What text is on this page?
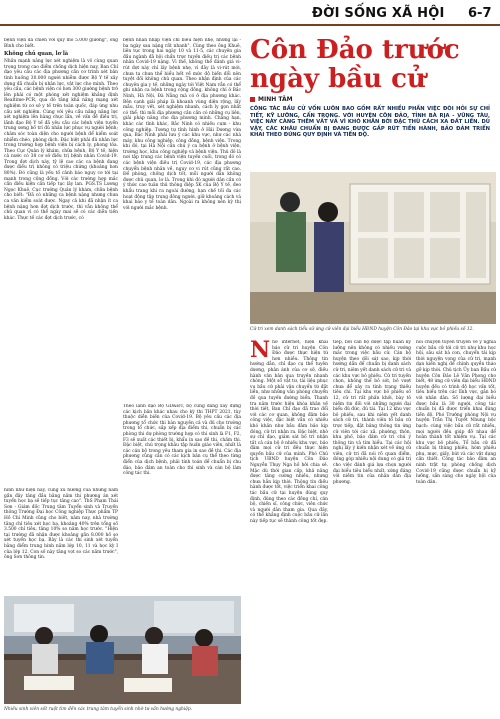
ĐỜI SỐNG XÃ HỘI 6-7
bệnh viện đã chiến với quy mô 5.000 giường", ông Bình cho biết.
Không chủ quan, lơ là
Nhấn mạnh nâng lực xét nghiệm là vô cùng quan trọng trong cao điểm chống dịch hiện nay, Ban Chỉ đạo yêu cầu các địa phương cần cơ trình xét bản tình huống 30.000 người nhiễm được Bộ Y tế xây dựng đã chuẩn bị nhân lực, vật lực cho mình. Theo yêu cầu, các bệnh viện có hơn 300 giường bệnh trở lên phải có một phòng xét nghiệm khẳng định Realtime-PCR, qua đó tăng khả năng mạng xét nghiệm từ cơ sở y tế trên toàn quốc, đáp ứng nhu cầu xét nghiệm. Cùng với yêu cầu nâng năng lực xét nghiệm lên hàng chục lần, về vấn đề điều trị, lãnh đạo Bộ Y tế đã yêu cầu các bệnh viện tuyến trung ương bố trí đủ nhân lực phục vụ người bệnh; chăm sóc toàn diện cho người bệnh để kiểm soát nhiễm chéo, phòng dịch. Đặc biệt phải đủ nhân lực trong trường hợp bệnh viện bị cách ly, phong tỏa. Theo Cục Quản lý khám, chữa bệnh, Bộ Y tế, hiện cả nước có 38 cơ sở điều trị bệnh nhân Covid-19. Trong đợt dịch này, tỷ lệ cao các ca bệnh đang được điều trị không có triệu chứng (khoảng hơn 80%). Đó cũng là yếu tố cảnh báo nguy cơ tới tại mạnh trong cộng đồng. Với các trường hợp mắc cần điều kiện cần tiếp tục lây lan. PGS.TS Lương Ngọc Khuê, Cục trưởng Quản lý khám, chữa bệnh cho biết: "Đã có những ca bệnh nặng nhưng chưa ca văn kiểm soát được. Ngay cả khi đã nhận ít ca bệnh nặng hơn đợt dịch trước, thì vẫn không thể chủ quan vì có thể ngày mai sẽ có các diễn tiến khác. Thực tế các đợt dịch trước, có
bệnh nhân nhập viện chỉ biểu hiện nhẹ, nhưng lại - ba ngày sau nặng rất nhanh". Cùng theo ông Khuê, liên tục trong hai ngày 10 và 11-5, các chuyên gia đầu ngành đã hội chẩn trực tuyến điều trị các bệnh nhân Covid-19 nặng. Vì thế, không thể đánh giá vi-rút đợt này chỉ lây bệnh nhẹ, vì đây là vi-rút mới, chưa ta chưa thể hiểu hết về mức độ biến đổi nên tuyệt đối không chủ quan. Theo nhận định của các chuyên gia y tế, những ngày tới Việt Nam vẫn có thể ghi nhận ca bệnh trong cộng đồng, không chỉ ở Bắc Ninh, Hà Nội, Đà Nẵng mà có ở địa phương khác. Bên cạnh giải pháp là khoanh vùng diện rộng, lấy mẫu, truy vết, xét nghiệm nhanh, cách ly gọn nhất có thể; thì mỗi địa phương cần cần có những cụ liên, giải pháp nâng cho địa phương mình. Chẳng hạn, khác các tỉnh khác, Bắc Ninh có nhiều cụm - khu công nghiệp. Tương tự tỉnh hình ở Hải Dương vừa qua, Bắc Ninh phải lưu ý các khu vực, như các nhà máy, khu công nghiệp, công đồng, bệnh viện. Trong khi đó, tại Hà Nội cần chú ý ca bệnh ở bệnh viện, trường học, khu công nghiệp và bệnh viện. Thủ đô là nơi tập trung các bệnh viện tuyến cuối, trong đó có các bệnh viện điều trị Covid-19, các địa phương chuyển bệnh nhân về, nguy cơ vi rút cũng rất cao. Để phòng, chống dịch tốt, mỗi người dân không được chủ quan, lơ là. Trong khi đó người dân cần có ý thức cao tuân thủ thông điệp 5K của Bộ Y tế, đeo khẩu trang khi ra ngoài đường, hạn chế tối đa các hoạt động tập trung đông người, giữ khoảng cách và khai báo y tế toàn dân. Ngoài ra không nên kỳ thị với người mắc bệnh.
hình như hiện nay, cũng xu hướng của những năm gần đây tăng đầu bằng năm thi phương án xét tuyển học bạ sẽ tiếp tục tăng cao". ThS Phạm Thái Sơn - Giám đốc Trung tâm Tuyển sinh và Truyền thông Trường Đại học Công nghiệp Thực phẩm TP Hồ Chí Minh cũng cho biết, năm nay, nhà trường tăng chỉ tiêu xét học bạ, khoảng 40% trên tổng số 3.500 chỉ tiêu, tăng 10% so năm học trước. "Hiện tại trường đã nhận được khoảng gần 8.000 hồ sơ xét tuyển học bạ. Bày là các thí sinh xét tuyển bằng điểm trung bình năm lớp 10, 11 và học kỳ I của lớp 12. Con số này tăng vọt so các năm trước", ông Sơn thông tin.
Theo lãnh đạo Bộ GD&ĐT, bộ cũng đang xây dựng các kịch bản khác nhau cho kỳ thi THPT 2021, tùy thuộc diễn biến của Covid-19. Bộ yêu cầu các địa phương tổ chức thi bàn nguyên cả và đủ cho trường trong tổ chức, sắp xếp địa điểm thi, chuẩn bị các phòng thi dự phòng trường hợp có thí sinh là F1, F2, F3 sẽ xuất các thiết bị, khẩu in sao đề thi, chấm thi. Đặc biệt, chú trọng khâu tập huấn giáo viên, nhất là các cán bộ trong yêu tham gia in sao đề thi. Các địa phương cũng cần có các kịch bản cụ thể theo từng điển của dịch bệnh, phải tính toán để chuẩn bị chu đáo, bảo đảm an toàn cho thí sinh và cán bộ làm công tác thi.
Nhiều sinh viên sốt ruột tìm đến các trung tâm tuyển sinh nhờ tư vấn hướng nghiệp.
Côn Đảo trước ngày bầu cử
MINH TÂM
CÔNG TÁC BẦU CỬ VỐN LUÔN BAO GỒM RẤT NHIỀU PHẦN VIỆC ĐÒI HỎI SỰ CHỈ TIẾT, KỸ LƯỠNG, CẨN TRỌNG. VỚI HUYỆN CÔN ĐẢO, TỈNH BÀ RỊA - VŨNG TÀU, VIỆC NÀY CÀNG THÊM VẤT VẢ VÌ KHÓ KHĂN BỞI ĐẶC THÙ CÁCH XA ĐẤT LIỀN. DÙ VẬY, CÁC KHÂU CHUẨN BỊ ĐANG ĐƯỢC GẤP RÚT TIẾN HÀNH, BẢO ĐẢM TRIỂN KHAI THEO ĐÚNG QUY ĐỊNH VÀ TIẾN ĐỘ.
Cử tri xem danh sách tiểu sử ứng cử viên đại biểu HĐND huyện Côn Đảo tại khu vực bỏ phiếu số 12.
Nhờ internet, hiện khai báo cử tri huyện Côn Đảo được thực hiện từ hơn nhiều. Thông tin hướng dẫn, chỉ đạo cụ thể tuyên dương, phản ánh của cơ sở, điều hành văn bản qua truyền nhanh chóng. Một số vật tư, tài liệu phục vụ bầu cử phải vận chuyển từ đất liền, như những văn phòng chuyển đồ qua tuyến đường biển. Thanh tra năm trước hiện khóa khăn về thời tiết, Ban Chỉ đạo đã trao đổi với các cơ quan, không đảm bảo công việc, đặc biệt vẫn có nhiều khó khăn như bầu đảm bảo kịp đóng, cử tri nhận ra. Đặc biệt, nhờ sự chỉ đạo, giám sát bố trí nhận tất cả cán bộ ở nhiều khu vực, bảo đảm mọi cử tri đều thực hiện quyền bầu cử của mình. Phó Chủ tịch UBND huyện Côn Đảo Nguyễn Thụy Nga hồ hởi chia sẻ. Mặc dù thời gian cấp, khả năng được tăng cường nhiều, nhưng chưa hẳn kịp thời. Thông tin điều hành được tốt, việc triển khai công tác bầu cử tại huyện đúng quy định, đúng theo các đồng chí, cán bộ, chiến sĩ, công chức, viên chức và người dân tham gia. Qua đây, có thể khẳng định cuộc bầu cử lần này tiếp tục sẽ thành công tốt đẹp.
tiếp, bởi cán bộ được tập huấn kỹ lưỡng nên không có nhiều vướng mắc trong việc bầu cử. Cán bộ huyện theo dõi sát sao, kịp thời hướng dẫn để chuẩn bị danh sách cử tri, niêm yết danh sách cử tri và các khu vực bỏ phiếu. Cử tri tuyến chọn, không thể bỏ sót, bỏ vượt chưa để xảy ra tình trạng thiếu tiêu chí. Tại khu vực bỏ phiếu số 12, cử tri rất phấn khởi, bày tỏ niềm tin đối với những người đại biểu đủ đức, đủ tài. Tại 12 khu vực bỏ phiếu, sau khi niêm yết danh sách cử tri, thành viên tổ bầu cử trực tiếp, đặt bảng thông tin ứng cử viên tới các xã, phường, thôn, khu phố, bảo đảm cử tri chú ý thông tin và tìm hiểu. Tại các hội nghị lấy ý kiến nhận xét về ứng cử viên, cử tri đã nói rõ quan điểm, đóng góp nhiều nội dung có giá trị cho việc đánh giá lựa chọn người đại biểu tiêu biểu nhất, xứng đáng với niềm tin của nhân dân địa phương.
nói chuyện tuyên truyền về ý nghĩa cuộc bầu cử tới cử tri như khu học hội, sâu sát bà con, chuyển tải kịp thời nguyện vọng của cử tri, mạnh dạn kiến nghị để chính quyền tháo gỡ kịp thời. Chủ tịch Ủy ban Bầu cử huyện Côn Đảo Lê Văn Phong cho biết, 48 ứng cử viên đại biểu HĐND huyện đều có trình độ học vấn tốt, tiêu biểu trên các lĩnh vực, gắn bó với nhân dân. Số lượng đại biểu được bầu là 30 người, công tác chuẩn bị đã được triển khai đúng tiến độ. Phó Trưởng phòng Nội vụ huyện Trần Thị Tuyết Nhung bộc bạch: cùng việc bầu cử rất nhiều, mọi người đều giúp đỡ nhau để hoàn thành tốt nhiệm vụ. Tại các khu vực bỏ phiếu, Tổ bầu cử đã chuẩn bị thùng phiếu, hòm phiếu phụ, mực, giấy, bút và các vật dụng cần thiết. Công tác bảo đảm an ninh trật tự, phòng chống dịch Covid-19 cũng được chuẩn bị kỹ lưỡng, sẵn sàng cho ngày hội của toàn dân.
